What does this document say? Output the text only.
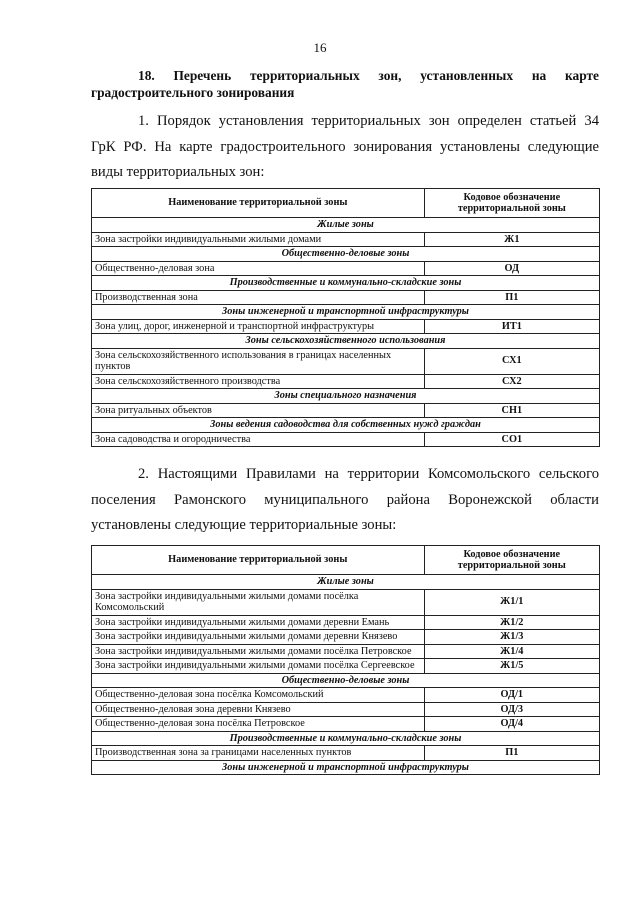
16
18. Перечень территориальных зон, установленных на карте
градостроительного зонирования
1. Порядок установления территориальных зон определен статьей 34
ГрК РФ. На карте градостроительного зонирования установлены следующие
виды территориальных зон:
Наименование территориальной зоны	Кодовое обозначение территориальной зоны
Жилые зоны	
Зона застройки индивидуальными жилыми домами	Ж1
Общественно-деловые зоны	
Общественно-деловая зона	ОД
Производственные и коммунально-складские зоны	
Производственная зона	П1
Зоны инженерной и транспортной инфраструктуры	
Зона улиц, дорог, инженерной и транспортной инфраструктуры	ИТ1
Зоны сельскохозяйственного использования	
Зона сельскохозяйственного использования в границах населенных пунктов	СХ1
Зона сельскохозяйственного производства	СХ2
Зоны специального назначения	
Зона ритуальных объектов	СН1
Зоны ведения садоводства для собственных нужд граждан	
Зона садоводства и огородничества	СО1
2. Настоящими Правилами на территории Комсомольского сельского
поселения Рамонского муниципального района Воронежской области
установлены следующие территориальные зоны:
Наименование территориальной зоны	Кодовое обозначение территориальной зоны
Жилые зоны	
Зона застройки индивидуальными жилыми домами посёлка Комсомольский	Ж1/1
Зона застройки индивидуальными жилыми домами деревни Емань	Ж1/2
Зона застройки индивидуальными жилыми домами деревни Князево	Ж1/3
Зона застройки индивидуальными жилыми домами посёлка Петровское	Ж1/4
Зона застройки индивидуальными жилыми домами посёлка Сергеевское	Ж1/5
Общественно-деловые зоны	
Общественно-деловая зона посёлка Комсомольский	ОД/1
Общественно-деловая зона деревни Князево	ОД/3
Общественно-деловая зона посёлка Петровское	ОД/4
Производственные и коммунально-складские зоны	
Производственная зона за границами населенных пунктов	П1
Зоны инженерной и транспортной инфраструктуры	
